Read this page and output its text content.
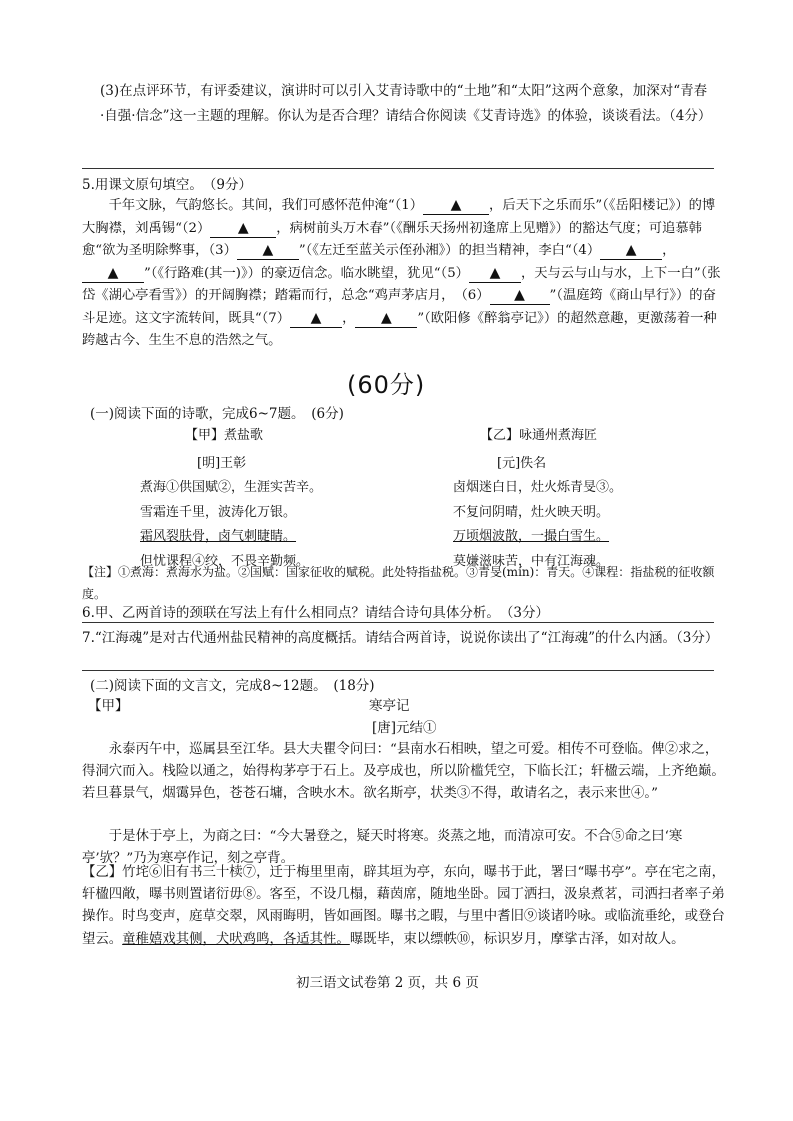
(3)在点评环节，有评委建议，演讲时可以引入艾青诗歌中的“土地”和“太阳”这两个意象，加深对“青春·自强·信念”这一主题的理解。你认为是否合理？请结合你阅读《艾青诗选》的体验，谈谈看法。（4分）
5.用课文原句填空。　（9分）
千年文脉，气韵悠长。其间，我们可感怀范仲淹“（1） ▲ ，后天下之乐而乐”（《岳阳楼记》）的博大胸襟，刘禹锡“（2） ▲ ，病树前头万木春”（《酬乐天扬州初逢席上见赠》）的豁达气度；可追慕韩愈“欲为圣明除弊事，（3） ▲ ”（《左迁至蓝关示侄孙湘》）的担当精神，李白“（4） ▲ ，▲ ”（《行路难(其一)》）的豪迈信念。临水眺望，犹见“（5） ▲ ，天与云与山与水，上下一白”（张岱《湖心亭看雪》）的开阔胸襟；踏霜而行，总念“鸡声茅店月，　（6） ▲ ”（温庭筠《商山早行》）的奋斗足迹。这文字流转间，既具“（7） ▲ ， ▲ ”（欧阳修《醉翁亭记》）的超然意趣，更激荡着一种跨越古今、生生不息的浩然之气。
(60分)
(一)阅读下面的诗歌，完成6~7题。　(6分)
【甲】煮盐歌
[明]王彰
煮海①供国赋②，生涯实苦辛。
雪霜连千里，波涛化万银。
霜风裂肤骨，卤气刺睫睛。
但忧课程④绞，不畏辛勤频。
【乙】咏通州煮海匠
[元]佚名
卤烟迷白日，灶火烁青旻③。
不复问阴晴，灶火映天明。
万顷烟波散，一撮白雪生。
莫嫌滋味苦，中有江海魂。
【注】①煮海：煮海水为盐。②国赋：国家征收的赋税。此处特指盐税。③青旻(mín)：青天。④课程：指盐税的征收额度。
6.甲、乙两首诗的颈联在写法上有什么相同点？请结合诗句具体分析。　（3分）
7.“江海魂”是对古代通州盐民精神的高度概括。请结合两首诗，说说你读出了“江海魂”的什么内涵。（3分）
(二)阅读下面的文言文，完成8~12题。　(18分)
【甲】	寒亭记
[唐]元结①
永泰丙午中，巡属县至江华。县大夫瞿令问曰：“县南水石相映，望之可爱。相传不可登临。俾②求之，得洞穴而入。栈险以通之，始得构茅亭于石上。及亭成也，所以阶槛凭空，下临长江；轩楹云端，上齐绝巅。若旦暮景气，烟霭异色，苍苍石墉，含映水木。欲名斯亭，状类③不得，敢请名之，表示来世④。”
于是休于亭上，为商之曰：“今大暑登之，疑天时将寒。炎蒸之地，而清凉可安。不合⑤命之曰‘寒亭’欤？”乃为寒亭作记，刻之亭背。
【乙】竹垞⑥旧有书三十椟⑦，迁于梅里里南，辟其垣为亭，东向，曝书于此，署曰“曝书亭”。亭在宅之南，轩楹四敞，曝书则置诸衍毋⑧。客至，不设几榻，藉茵席，随地坐卧。园丁洒扫，汲泉煮茗，司洒扫者率子弟操作。时鸟变声，庭草交翠，风雨晦明，皆如画图。曝书之暇，与里中耆旧⑨谈诸吟咏。或临流垂纶，或登台望云。童稚嬉戏其侧，犬吠鸡鸣，各适其性。曝既毕，束以缥帙⑩，标识岁月，摩挲古泽，如对故人。
初三语文试卷第 2 页，共 6 页
